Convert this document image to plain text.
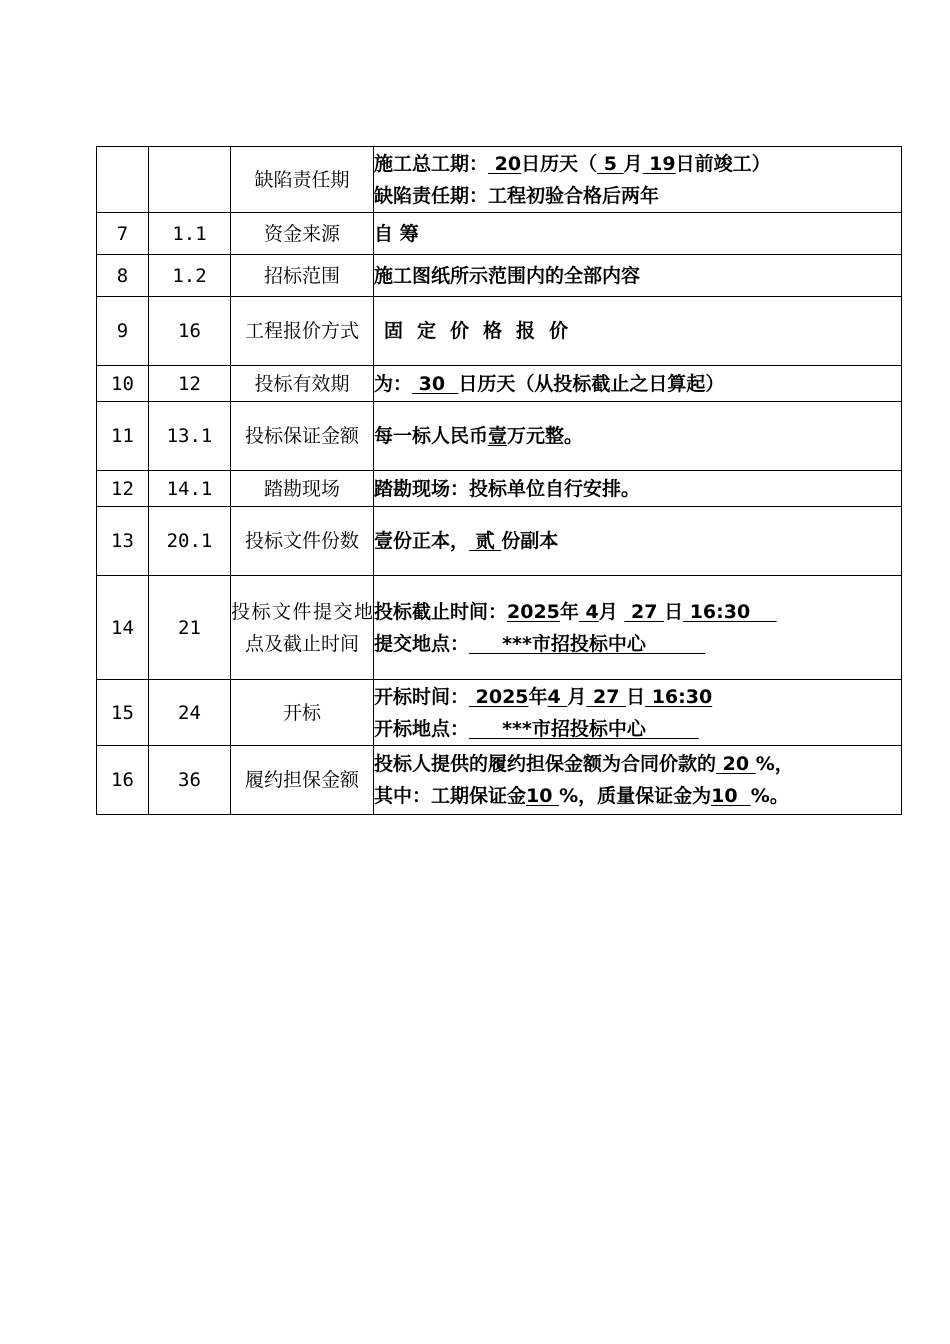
		缺陷责任期	施工总工期： 20日历天（ 5 月 19日前竣工）
缺陷责任期：工程初验合格后两年

7	1.1	资金来源	自 筹
8	1.2	招标范围	施工图纸所示范围内的全部内容
9	16	工程报价方式	固定价格报价
10	12	投标有效期	为： 30  日历天（从投标截止之日算起）
11	13.1	投标保证金额	每一标人民币壹万元整。
12	14.1	踏勘现场	踏勘现场：投标单位自行安排。
13	20.1	投标文件份数	壹份正本， 贰 份副本
14	21	投标文件提交地点及截止时间	投标截止时间：2025年 4月  27 日 16:30
提交地点：     ***市招投标中心

15	24	开标	开标时间： 2025年4 月 27 日 16:30
开标地点：     ***市招投标中心

16	36	履约担保金额	投标人提供的履约担保金额为合同价款的 20 %，
其中：工期保证金10 %，质量保证金为10  %。
